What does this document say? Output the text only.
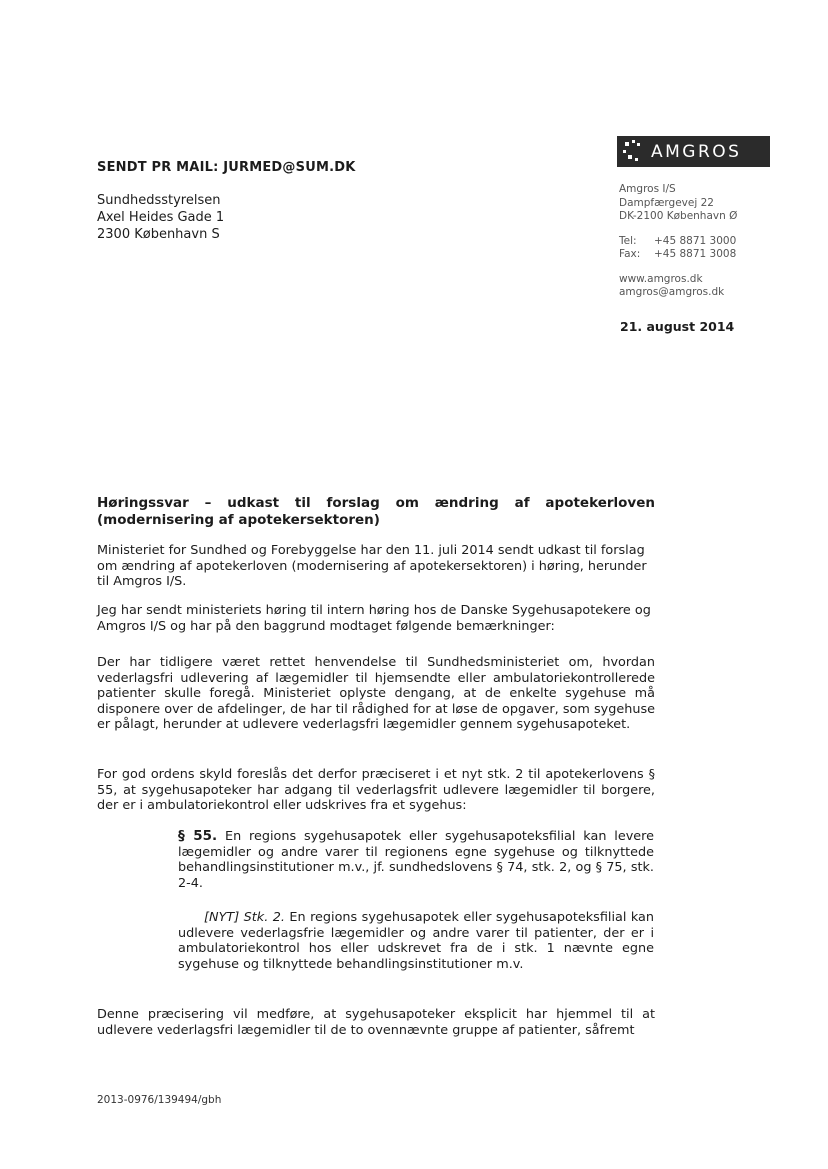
SENDT PR MAIL: JURMED@SUM.DK
Sundhedsstyrelsen
Axel Heides Gade 1
2300 København S
AMGROS
Amgros I/S
Dampfærgevej 22
DK-2100 København Ø
Tel:	+45 8871 3000
Fax:	+45 8871 3008
www.amgros.dk
amgros@amgros.dk
21. august 2014
Høringssvar – udkast til forslag om ændring af apotekerloven
(modernisering af apotekersektoren)
Ministeriet for Sundhed og Forebyggelse har den 11. juli 2014 sendt udkast til forslag om ændring af apotekerloven (modernisering af apotekersektoren) i høring, herunder til Amgros I/S.
Jeg har sendt ministeriets høring til intern høring hos de Danske Sygehusapotekere og Amgros I/S og har på den baggrund modtaget følgende bemærkninger:
Der har tidligere været rettet henvendelse til Sundhedsministeriet om, hvordan vederlagsfri udlevering af lægemidler til hjemsendte eller ambulatoriekontrollerede patienter skulle foregå. Ministeriet oplyste dengang, at de enkelte sygehuse må disponere over de afdelinger, de har til rådighed for at løse de opgaver, som sygehuse er pålagt, herunder at udlevere vederlagsfri lægemidler gennem sygehusapoteket.
For god ordens skyld foreslås det derfor præciseret i et nyt stk. 2 til apotekerlovens § 55, at sygehusapoteker har adgang til vederlagsfrit udlevere lægemidler til borgere, der er i ambulatoriekontrol eller udskrives fra et sygehus:
§ 55. En regions sygehusapotek eller sygehusapoteksfilial kan levere lægemidler og andre varer til regionens egne sygehuse og tilknyttede behandlingsinstitutioner m.v., jf. sundhedslovens § 74, stk. 2, og § 75, stk. 2-4.
[NYT] Stk. 2. En regions sygehusapotek eller sygehusapoteksfilial kan udlevere vederlagsfrie lægemidler og andre varer til patienter, der er i ambulatoriekontrol hos eller udskrevet fra de i stk. 1 nævnte egne sygehuse og tilknyttede behandlingsinstitutioner m.v.
Denne præcisering vil medføre, at sygehusapoteker eksplicit har hjemmel til at udlevere vederlagsfri lægemidler til de to ovennævnte gruppe af patienter, såfremt
2013-0976/139494/gbh
